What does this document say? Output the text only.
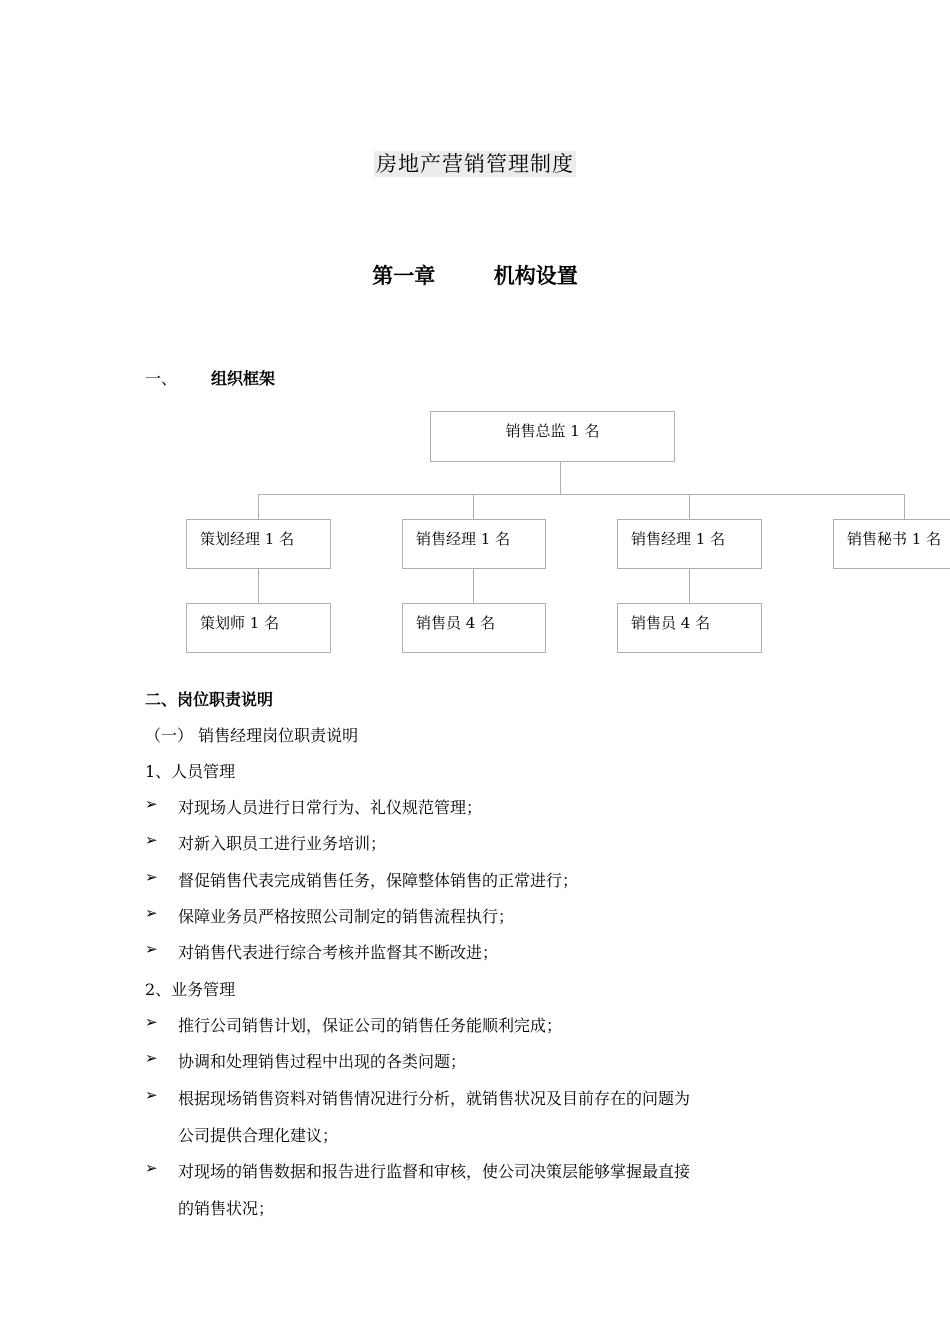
房地产营销管理制度
第一章        机构设置
一、 组织框架
销售总监 1 名
策划经理 1 名	销售经理 1 名	销售经理 1 名	销售秘书 1 名
策划师 1 名	销售员 4 名	销售员 4 名
二、岗位职责说明
（一） 销售经理岗位职责说明
1、人员管理
➢ 对现场人员进行日常行为、礼仪规范管理；
➢ 对新入职员工进行业务培训；
➢ 督促销售代表完成销售任务，保障整体销售的正常进行；
➢ 保障业务员严格按照公司制定的销售流程执行；
➢ 对销售代表进行综合考核并监督其不断改进；
2、业务管理
➢ 推行公司销售计划，保证公司的销售任务能顺利完成；
➢ 协调和处理销售过程中出现的各类问题；
➢ 根据现场销售资料对销售情况进行分析，就销售状况及目前存在的问题为
公司提供合理化建议；
➢ 对现场的销售数据和报告进行监督和审核，使公司决策层能够掌握最直接
的销售状况；
